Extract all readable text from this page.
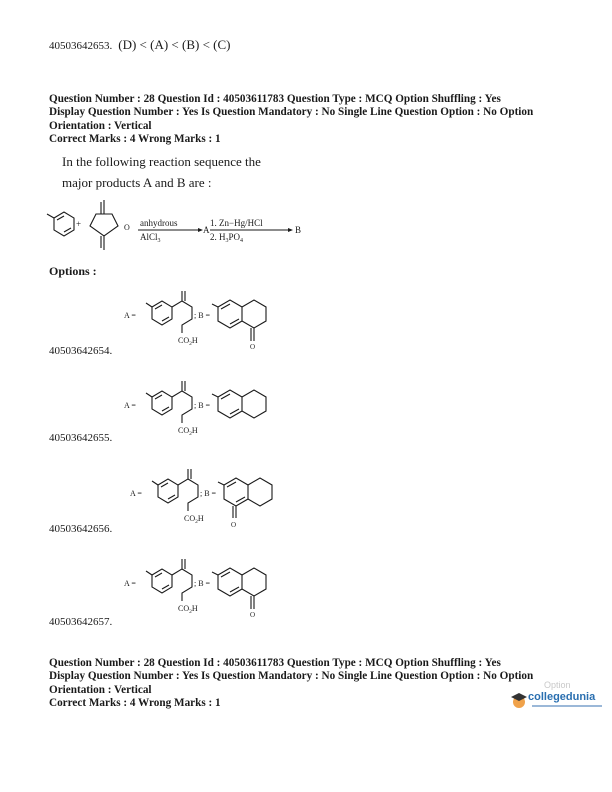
40503642653. (D) < (A) < (B) < (C)
Question Number : 28 Question Id : 40503611783 Question Type : MCQ Option Shuffling : Yes
Display Question Number : Yes Is Question Mandatory : No Single Line Question Option : No Option
Orientation : Vertical
Correct Marks : 4 Wrong Marks : 1
In the following reaction sequence the
major products A and B are :
+	O anhydrous
AlCl$_3$
A
1. Zn−Hg/HCl
2. $H_3PO_4$
B
Options :
40503642654.
A =
$CO_2H$
; B =
O
40503642655.
A =
$CO_2H$
; B =
40503642656.
A =
$CO_2H$
; B =
O
40503642657.
A =
$CO_2H$
; B =
O
Question Number : 28 Question Id : 40503611783 Question Type : MCQ Option Shuffling : Yes
Display Question Number : Yes Is Question Mandatory : No Single Line Question Option : No Option
Orientation : Vertical
Correct Marks : 4 Wrong Marks : 1
Option
collegedunia
